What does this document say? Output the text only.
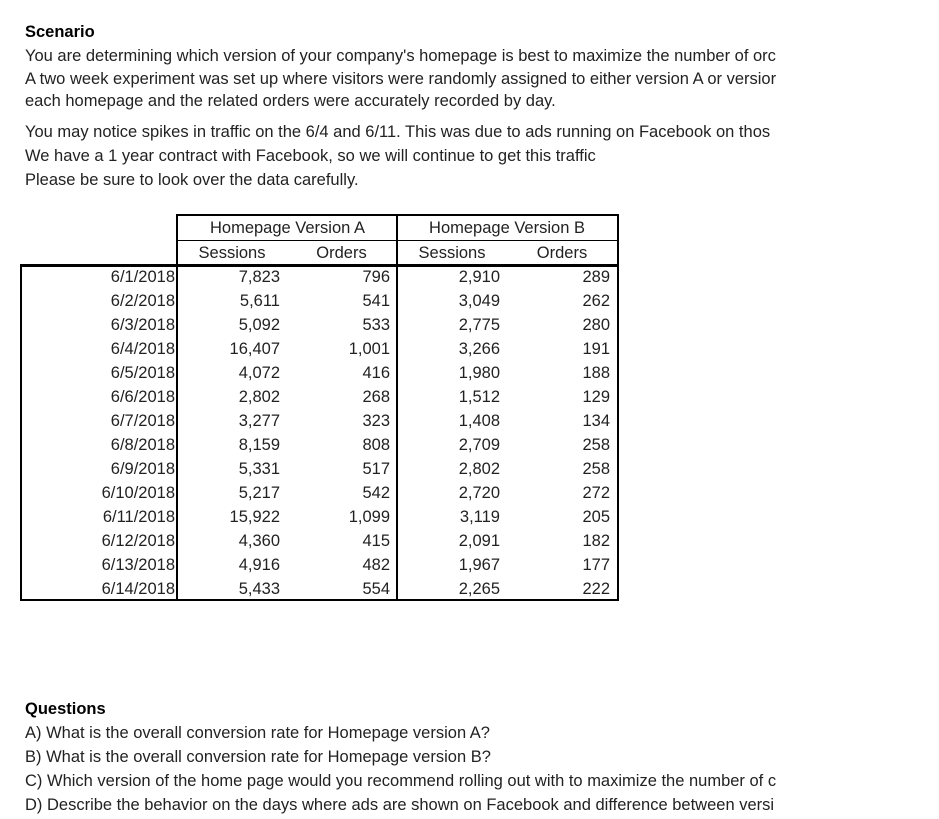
Scenario
You are determining which version of your company's homepage is best to maximize the number of orc
A two week experiment was set up where visitors were randomly assigned to either version A or versior
each homepage and the related orders were accurately recorded by day.
You may notice spikes in traffic on the 6/4 and 6/11. This was due to ads running on Facebook on thos
We have a 1 year contract with Facebook, so we will continue to get this traffic
Please be sure to look over the data carefully.
Homepage Version A	Homepage Version B
Sessions	Orders	Sessions	Orders
6/1/2018	7,823	796	2,910	289
6/2/2018	5,611	541	3,049	262
6/3/2018	5,092	533	2,775	280
6/4/2018	16,407	1,001	3,266	191
6/5/2018	4,072	416	1,980	188
6/6/2018	2,802	268	1,512	129
6/7/2018	3,277	323	1,408	134
6/8/2018	8,159	808	2,709	258
6/9/2018	5,331	517	2,802	258
6/10/2018	5,217	542	2,720	272
6/11/2018	15,922	1,099	3,119	205
6/12/2018	4,360	415	2,091	182
6/13/2018	4,916	482	1,967	177
6/14/2018	5,433	554	2,265	222
Questions
A) What is the overall conversion rate for Homepage version A?
B) What is the overall conversion rate for Homepage version B?
C) Which version of the home page would you recommend rolling out with to maximize the number of c
D) Describe the behavior on the days where ads are shown on Facebook and difference between versi
